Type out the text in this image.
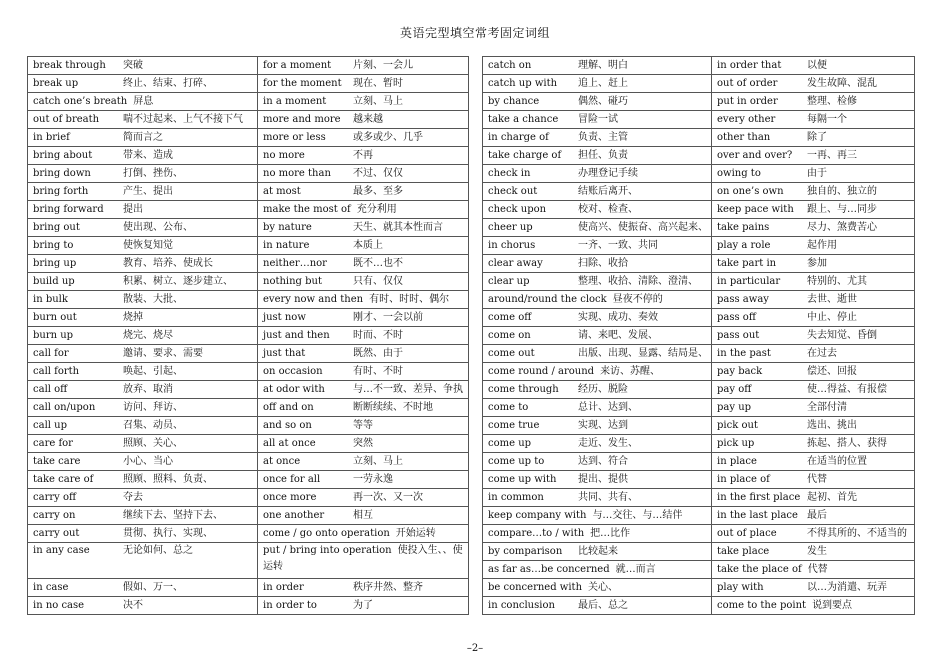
英语完型填空常考固定词组
break through 突破	for a moment 片刻、一会儿
break up 终止、结束、打碎、	for the moment 现在、暂时
catch one’s breath 屏息	in a moment 立刻、马上
out of breath 喘不过起来、上气不接下气	more and more 越来越
in brief 简而言之	more or less 或多或少、几乎
bring about 带来、造成	no more 不再
bring down 打倒、挫伤、	no more than 不过、仅仅
bring forth 产生、提出	at most 最多、至多
bring forward 提出	make the most of 充分利用
bring out 使出现、公布、	by nature 天生、就其本性而言
bring to 使恢复知觉	in nature 本质上
bring up 教育、培养、使成长	neither…nor 既不…也不
build up 积累、树立、逐步建立、	nothing but 只有、仅仅
in bulk 散装、大批、	every now and then 有时、时时、偶尔
burn out 烧掉	just now 刚才、一会以前
burn up 烧完、烧尽	just and then 时而、不时
call for 邀请、要求、需要	just that 既然、由于
call forth 唤起、引起、	on occasion 有时、不时
call off 放弃、取消	at odor with 与…不一致、差异、争执
call on/upon 访问、拜访、	off and on 断断续续、不时地
call up 召集、动员、	and so on 等等
care for 照顾、关心、	all at once 突然
take care 小心、当心	at once 立刻、马上
take care of 照顾、照料、负责、	once for all 一劳永逸
carry off 夺去	once more 再一次、又一次
carry on 继续下去、坚持下去、	one another 相互
carry out 贯彻、执行、实现、	come / go onto operation 开始运转
in any case 无论如何、总之	put / bring into operation 使投入生、、使运转
in case 假如、万一、	in order 秩序井然、整齐
in no case 决不	in order to 为了
catch on 理解、明白	in order that 以便
catch up with 追上、赶上	out of order 发生故障、混乱
by chance 偶然、碰巧	put in order 整理、检修
take a chance 冒险一试	every other 每隔一个
in charge of 负责、主管	other than 除了
take charge of 担任、负责	over and over? 一再、再三
check in 办理登记手续	owing to 由于
check out 结账后离开、	on one’s own 独自的、独立的
check upon 校对、检查、	keep pace with 跟上、与…同步
cheer up 使高兴、使振奋、高兴起来、	take pains 尽力、煞费苦心
in chorus 一齐、一致、共同	play a role 起作用
clear away 扫除、收拾	take part in 参加
clear up 整理、收拾、清除、澄清、	in particular 特别的、尤其
around/round the clock 昼夜不停的	pass away 去世、逝世
come off 实现、成功、奏效	pass off 中止、停止
come on 请、来吧、发展、	pass out 失去知觉、昏倒
come out 出版、出现、显露、结局是、	in the past 在过去
come round / around 来访、苏醒、	pay back 偿还、回报
come through 经历、脱险	pay off 使…得益、有报偿
come to 总计、达到、	pay up 全部付清
come true 实现、达到	pick out 选出、挑出
come up 走近、发生、	pick up 拣起、搭人、获得
come up to 达到、符合	in place 在适当的位置
come up with 提出、提供	in place of 代替
in common 共同、共有、	in the first place 起初、首先
keep company with 与…交往、与…结伴	in the last place 最后
compare…to / with 把…比作	out of place 不得其所的、不适当的
by comparison 比较起来	take place 发生
as far as…be concerned 就…而言	take the place of 代替
be concerned with 关心、	play with 以…为消遣、玩弄
in conclusion 最后、总之	come to the point 说到要点
–2–
